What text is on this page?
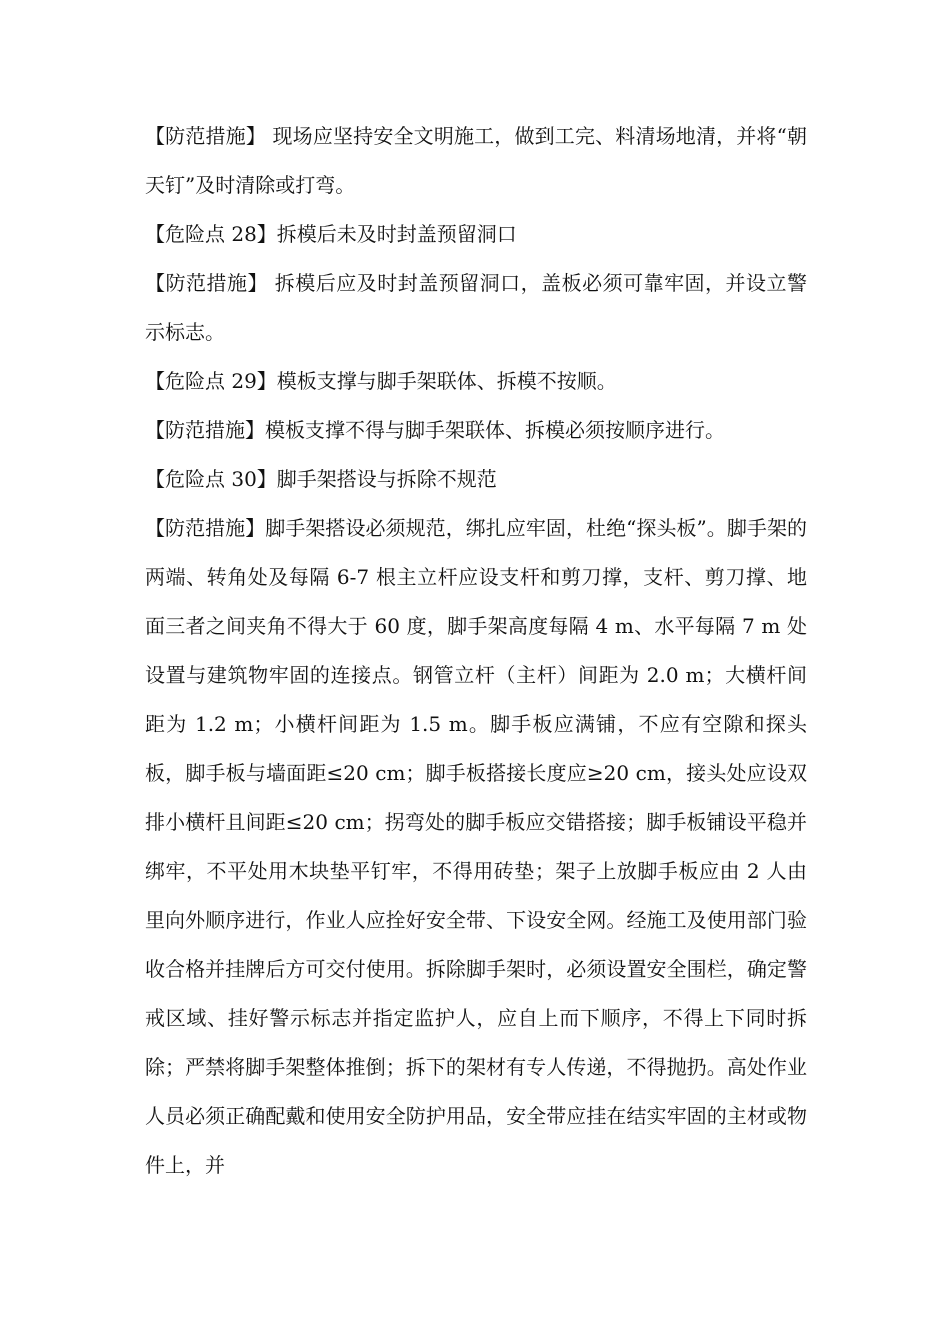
【防范措施】 现场应坚持安全文明施工，做到工完、料清场地清，并将“朝天钉”及时清除或打弯。

【危险点 28】拆模后未及时封盖预留洞口

【防范措施】 拆模后应及时封盖预留洞口，盖板必须可靠牢固，并设立警示标志。

【危险点 29】模板支撑与脚手架联体、拆模不按顺。

【防范措施】模板支撑不得与脚手架联体、拆模必须按顺序进行。

【危险点 30】脚手架搭设与拆除不规范

【防范措施】脚手架搭设必须规范，绑扎应牢固，杜绝“探头板”。脚手架的两端、转角处及每隔 6-7 根主立杆应设支杆和剪刀撑，支杆、剪刀撑、地面三者之间夹角不得大于 60 度，脚手架高度每隔 4 m、水平每隔 7 m 处设置与建筑物牢固的连接点。钢管立杆（主杆）间距为 2.0 m；大横杆间距为 1.2 m；小横杆间距为 1.5 m。脚手板应满铺，不应有空隙和探头板，脚手板与墙面距≤20 cm；脚手板搭接长度应≥20 cm，接头处应设双排小横杆且间距≤20 cm；拐弯处的脚手板应交错搭接；脚手板铺设平稳并绑牢，不平处用木块垫平钉牢，不得用砖垫；架子上放脚手板应由 2 人由里向外顺序进行，作业人应拴好安全带、下设安全网。经施工及使用部门验收合格并挂牌后方可交付使用。拆除脚手架时，必须设置安全围栏，确定警戒区域、挂好警示标志并指定监护人，应自上而下顺序，不得上下同时拆除；严禁将脚手架整体推倒；拆下的架材有专人传递，不得抛扔。高处作业人员必须正确配戴和使用安全防护用品，安全带应挂在结实牢固的主材或物件上，并
